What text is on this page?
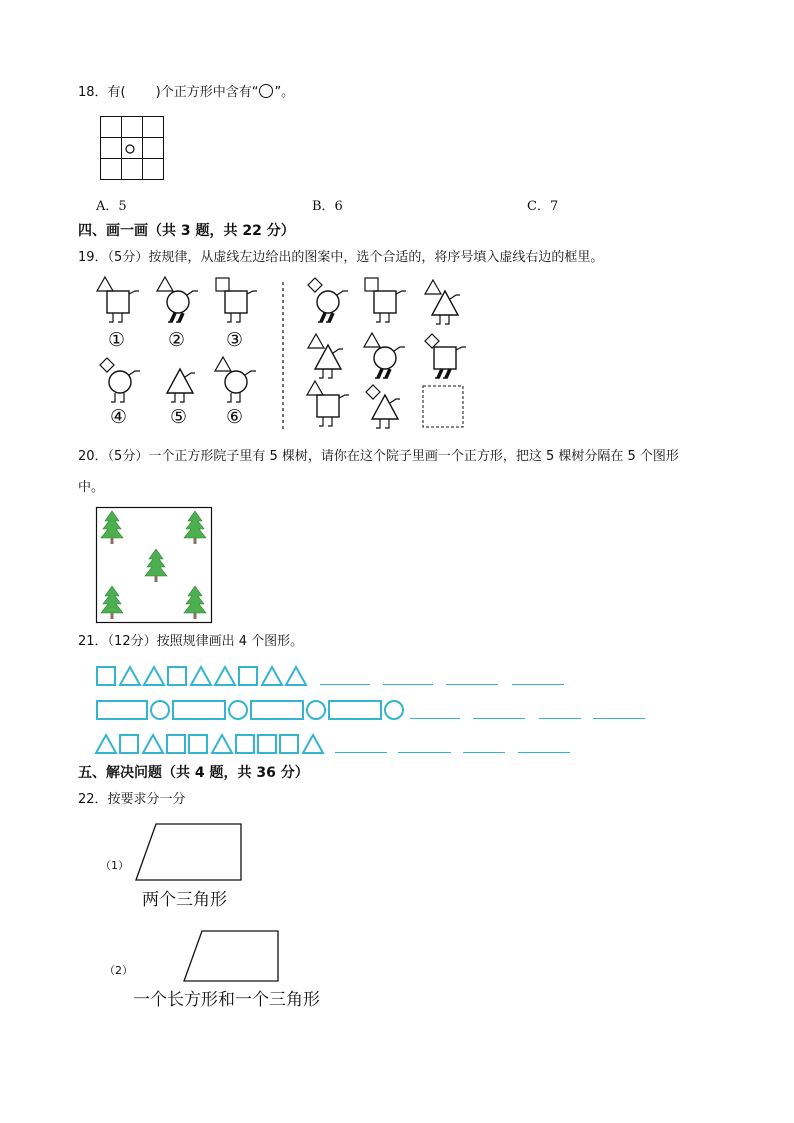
18．有( )个正方形中含有“ ”。
A．5	B．6	C．7
四、画一画（共 3 题，共 22 分）
19．（5分）按规律，从虚线左边给出的图案中，选个合适的，将序号填入虚线右边的框里。
① ② ③
④ ⑤ ⑥
20．（5分）一个正方形院子里有 5 棵树，请你在这个院子里画一个正方形，把这 5 棵树分隔在 5 个图形
中。
21．（12分）按照规律画出 4 个图形。
五、解决问题（共 4 题，共 36 分）
22．按要求分一分
（1）
两个三角形
（2）
一个长方形和一个三角形
